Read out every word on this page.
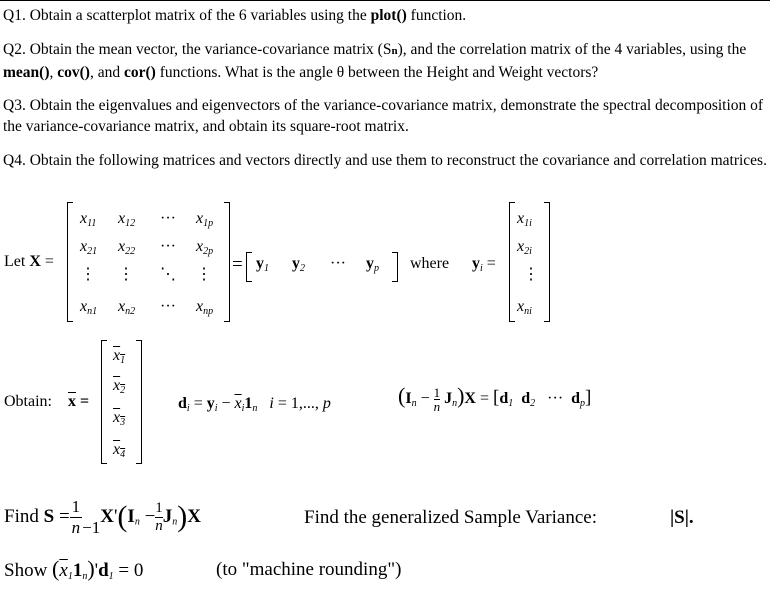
Q1. Obtain a scatterplot matrix of the 6 variables using the plot() function.
Q2. Obtain the mean vector, the variance-covariance matrix (Sn), and the correlation matrix of the 4 variables, using the mean(), cov(), and cor() functions. What is the angle θ between the Height and Weight vectors?
Q3. Obtain the eigenvalues and eigenvectors of the variance-covariance matrix, demonstrate the spectral decomposition of the variance-covariance matrix, and obtain its square-root matrix.
Q4. Obtain the following matrices and vectors directly and use them to reconstruct the covariance and correlation matrices.
Let X =
$x_{11}$ $x_{12}$ ··· $x_{1p}$
$x_{21}$ $x_{22}$ ··· $x_{2p}$
⋮ ⋮ ⋱ ⋮
$x_{n1}$ $x_{n2}$ ··· $x_{np}$
= $y_1$ $y_2$ ··· $y_p$ where $y_i$ =
$x_{1i}$
$x_{2i}$
⋮
$x_{ni}$
Obtain: $\overline{x}$ =
$x_1$
$x_2$
$x_3$
$x_4$
$d_i = y_i - \overline{x}_i1_n$ i = 1,..., p	$(I_n - \frac{1}{n} J_n)X = [d_1$ $d_2$   ···  $d_p$]
Find $S = \frac{1}{n} -1X'(I_n - \frac{1}{n} J_n)X$	Find the generalized Sample Variance:	|S|.
Show $(\overline{x}_11_n)'d_1 = 0$	(to "machine rounding")
